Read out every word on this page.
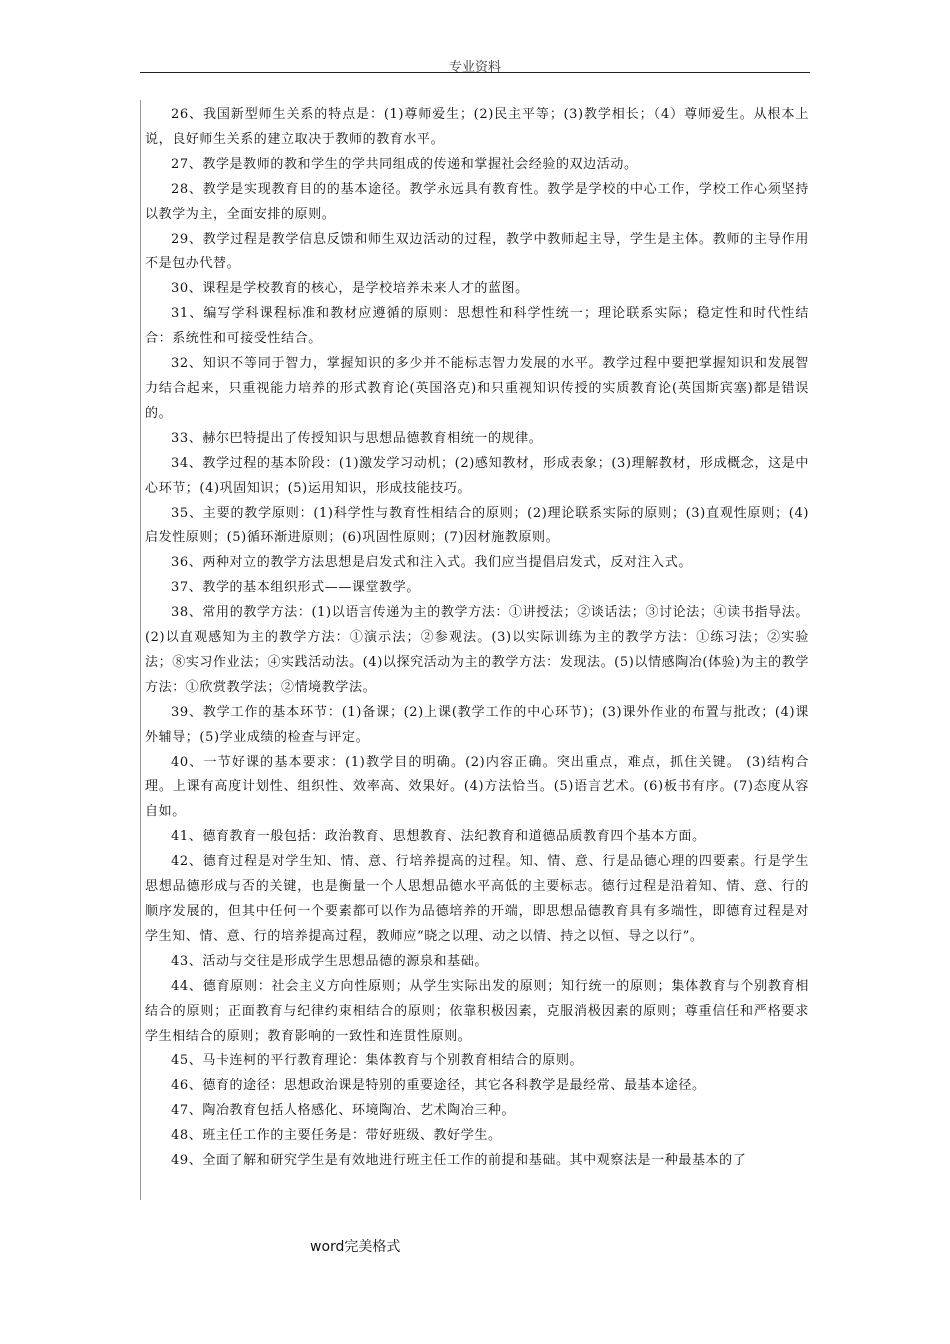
专业资料

26、我国新型师生关系的特点是：(1)尊师爱生；(2)民主平等；(3)教学相长；（4）尊师爱生。从根本上说，良好师生关系的建立取决于教师的教育水平。

27、教学是教师的教和学生的学共同组成的传递和掌握社会经验的双边活动。

28、教学是实现教育目的的基本途径。教学永远具有教育性。教学是学校的中心工作，学校工作心须坚持以教学为主，全面安排的原则。

29、教学过程是教学信息反馈和师生双边活动的过程，教学中教师起主导，学生是主体。教师的主导作用不是包办代替。

30、课程是学校教育的核心，是学校培养未来人才的蓝图。

31、编写学科课程标准和教材应遵循的原则：思想性和科学性统一；理论联系实际；稳定性和时代性结合：系统性和可接受性结合。

32、知识不等同于智力，掌握知识的多少并不能标志智力发展的水平。教学过程中要把掌握知识和发展智力结合起来，只重视能力培养的形式教育论(英国洛克)和只重视知识传授的实质教育论(英国斯宾塞)都是错误的。

33、赫尔巴特提出了传授知识与思想品德教育相统一的规律。

34、教学过程的基本阶段：(1)激发学习动机；(2)感知教材，形成表象；(3)理解教材，形成概念，这是中心环节；(4)巩固知识；(5)运用知识，形成技能技巧。

35、主要的教学原则：(1)科学性与教育性相结合的原则；(2)理论联系实际的原则；(3)直观性原则；(4)启发性原则；(5)循环渐进原则；(6)巩固性原则；(7)因材施教原则。

36、两种对立的教学方法思想是启发式和注入式。我们应当提倡启发式，反对注入式。

37、教学的基本组织形式——课堂教学。

38、常用的教学方法：(1)以语言传递为主的教学方法：①讲授法；②谈话法；③讨论法；④读书指导法。(2)以直观感知为主的教学方法：①演示法；②参观法。(3)以实际训练为主的教学方法：①练习法；②实验法；⑧实习作业法；④实践活动法。(4)以探究活动为主的教学方法：发现法。(5)以情感陶冶(体验)为主的教学方法：①欣赏教学法；②情境教学法。

39、教学工作的基本环节：(1)备课；(2)上课(教学工作的中心环节)；(3)课外作业的布置与批改；(4)课外辅导；(5)学业成绩的检查与评定。

40、一节好课的基本要求：(1)教学目的明确。(2)内容正确。突出重点，难点，抓住关键。 (3)结构合理。上课有高度计划性、组织性、效率高、效果好。(4)方法恰当。(5)语言艺术。(6)板书有序。(7)态度从容自如。

41、德育教育一般包括：政治教育、思想教育、法纪教育和道德品质教育四个基本方面。

42、德育过程是对学生知、情、意、行培养提高的过程。知、情、意、行是品德心理的四要素。行是学生思想品德形成与否的关键，也是衡量一个人思想品德水平高低的主要标志。德行过程是沿着知、情、意、行的顺序发展的，但其中任何一个要素都可以作为品德培养的开端，即思想品德教育具有多端性，即德育过程是对学生知、情、意、行的培养提高过程，教师应“晓之以理、动之以情、持之以恒、导之以行”。

43、活动与交往是形成学生思想品德的源泉和基础。

44、德育原则：社会主义方向性原则；从学生实际出发的原则；知行统一的原则；集体教育与个别教育相结合的原则；正面教育与纪律约束相结合的原则；依靠积极因素，克服消极因素的原则；尊重信任和严格要求学生相结合的原则；教育影响的一致性和连贯性原则。

45、马卡连柯的平行教育理论：集体教育与个别教育相结合的原则。

46、德育的途径：思想政治课是特别的重要途径，其它各科教学是最经常、最基本途径。

47、陶冶教育包括人格感化、环境陶冶、艺术陶冶三种。

48、班主任工作的主要任务是：带好班级、教好学生。

49、全面了解和研究学生是有效地进行班主任工作的前提和基础。其中观察法是一种最基本的了

word完美格式
